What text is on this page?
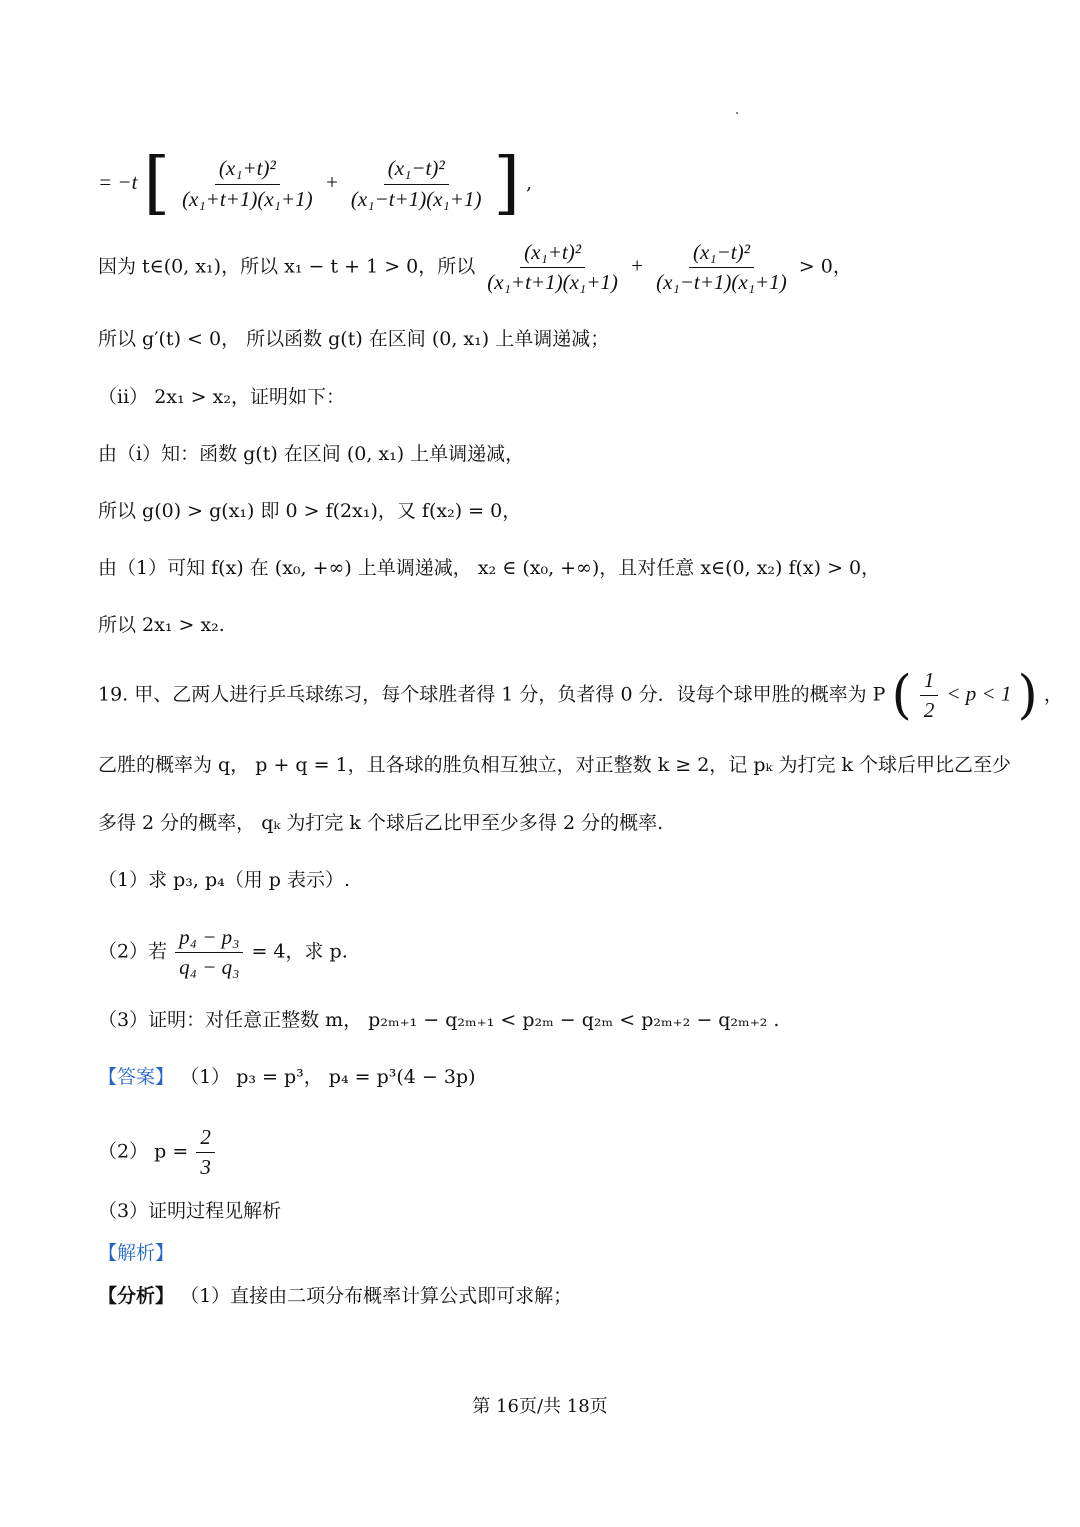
= −t [ $\frac{\text{(x₁+t)²}}{\text{(x₁+t+1)(x₁+1)}} + \frac{\text{(x₁−t)²}}{\text{(x₁−t+1)(x₁+1)}}$ ] ,
因为 t∈(0, x₁)，所以 x₁ − t + 1 > 0，所以 $\frac{\text{(x₁+t)²}}{\text{(x₁+t+1)(x₁+1)}} + \frac{\text{(x₁−t)²}}{\text{(x₁−t+1)(x₁+1)}} > 0$，
所以 g′(t) < 0， 所以函数 g(t) 在区间 (0, x₁) 上单调递减；
（ii） 2x₁ > x₂，证明如下：
由（i）知：函数 g(t) 在区间 (0, x₁) 上单调递减，
所以 g(0) > g(x₁) 即 0 > f(2x₁)，又 f(x₂) = 0，
由（1）可知 f(x) 在 (x₀, +∞) 上单调递减， x₂ ∈ (x₀, +∞)，且对任意 x∈(0, x₂) f(x) > 0，
所以 2x₁ > x₂.
19. 甲、乙两人进行乒乓球练习，每个球胜者得 1 分，负者得 0 分．设每个球甲胜的概率为 P ( $\frac{1}{2} < p < 1$ ) ，
乙胜的概率为 q， p + q = 1，且各球的胜负相互独立，对正整数 k ≥ 2，记 pₖ 为打完 k 个球后甲比乙至少
多得 2 分的概率， qₖ 为打完 k 个球后乙比甲至少多得 2 分的概率.
（1）求 p₃, p₄（用 p 表示）.
（2）若 $\frac{\text{p₄ − p₃}}{\text{q₄ − q₃}} = 4$，求 p.
（3）证明：对任意正整数 m， p₂ₘ₊₁ − q₂ₘ₊₁ < p₂ₘ − q₂ₘ < p₂ₘ₊₂ − q₂ₘ₊₂ .
【答案】 （1） p₃ = p³， p₄ = p³(4 − 3p)
（2） $p = \frac{2}{3}$
（3）证明过程见解析
【解析】
【分析】 （1）直接由二项分布概率计算公式即可求解；
第 16页/共 18页
